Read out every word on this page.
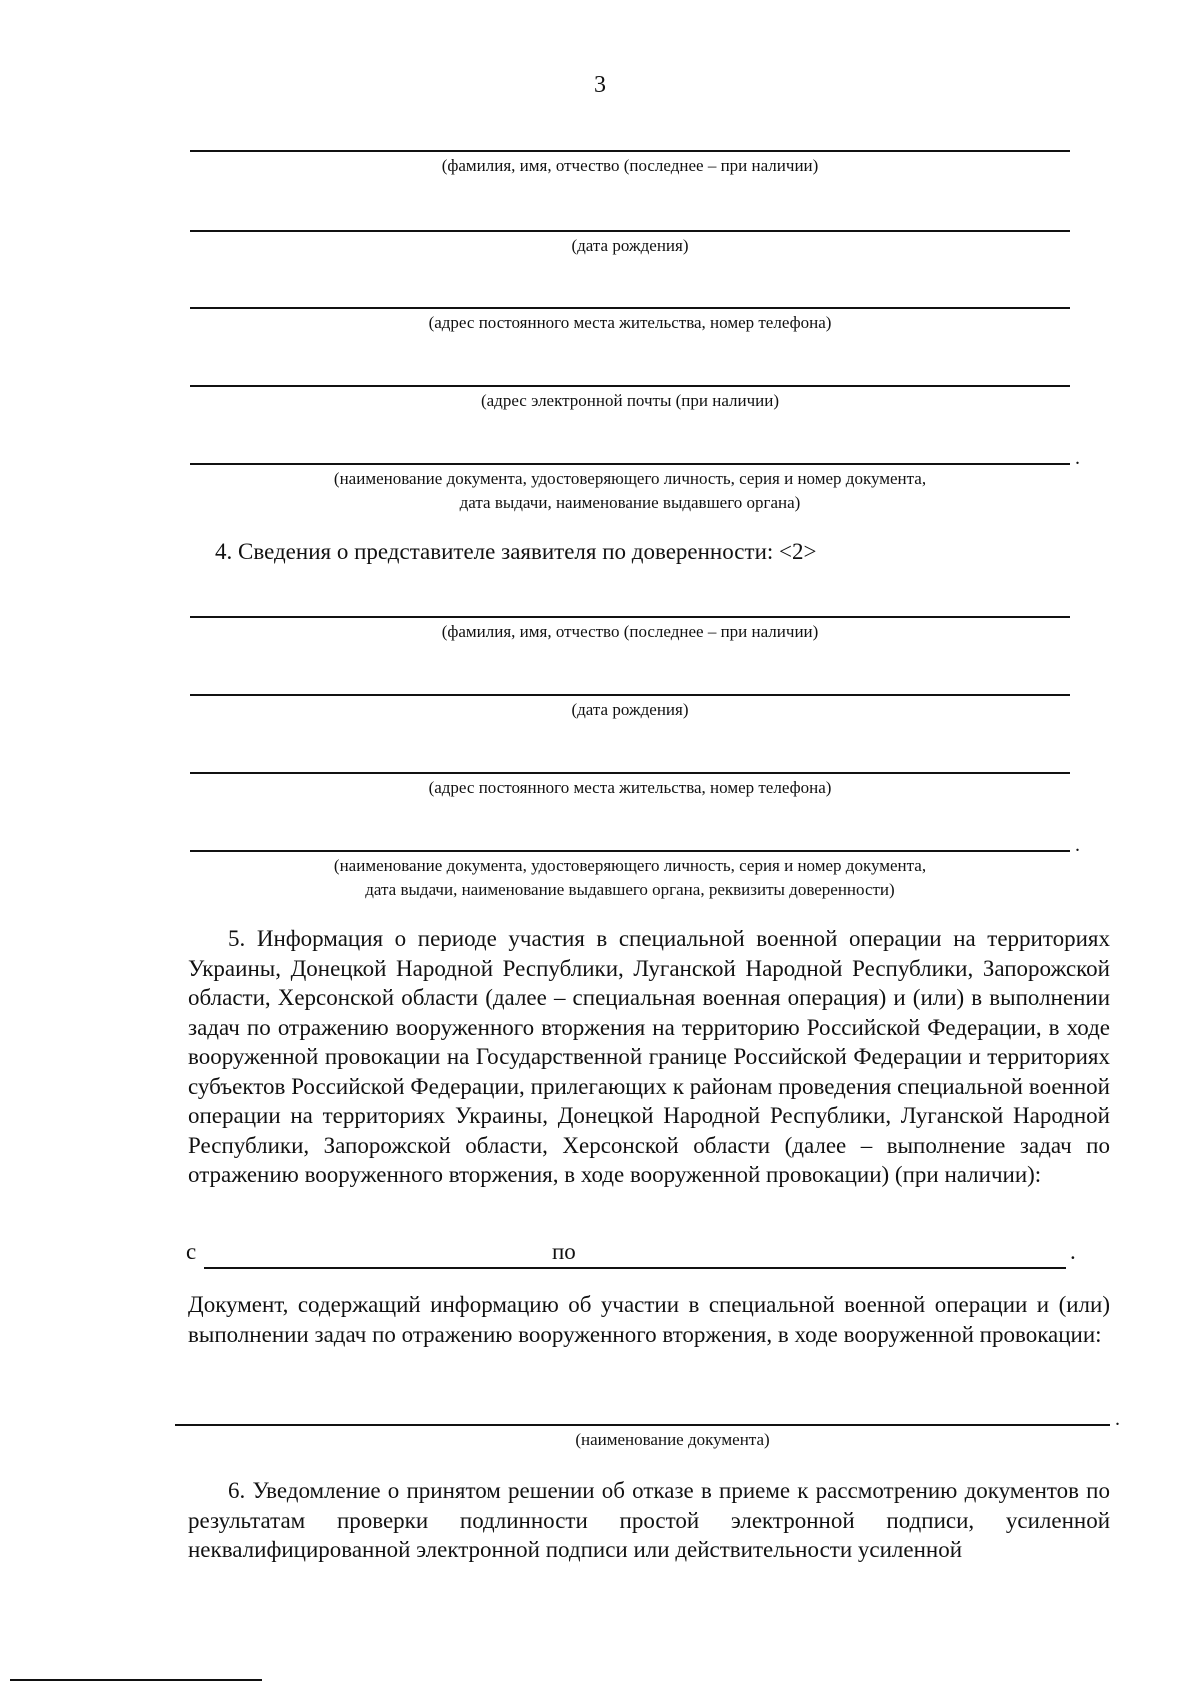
3
(фамилия, имя, отчество (последнее – при наличии)
(дата рождения)
(адрес постоянного места жительства, номер телефона)
(адрес электронной почты (при наличии)
.
(наименование документа, удостоверяющего личность, серия и номер документа,
дата выдачи, наименование выдавшего органа)
4. Сведения о представителе заявителя по доверенности: <2>
(фамилия, имя, отчество (последнее – при наличии)
(дата рождения)
(адрес постоянного места жительства, номер телефона)
.
(наименование документа, удостоверяющего личность, серия и номер документа,
дата выдачи, наименование выдавшего органа, реквизиты доверенности)
5. Информация о периоде участия в специальной военной операции на территориях Украины, Донецкой Народной Республики, Луганской Народной Республики, Запорожской области, Херсонской области (далее – специальная военная операция) и (или) в выполнении задач по отражению вооруженного вторжения на территорию Российской Федерации, в ходе вооруженной провокации на Государственной границе Российской Федерации и территориях субъектов Российской Федерации, прилегающих к районам проведения специальной военной операции на территориях Украины, Донецкой Народной Республики, Луганской Народной Республики, Запорожской области, Херсонской области (далее – выполнение задач по отражению вооруженного вторжения, в ходе вооруженной провокации) (при наличии):
с	по	.
Документ, содержащий информацию об участии в специальной военной операции и (или) выполнении задач по отражению вооруженного вторжения, в ходе вооруженной провокации:
.
(наименование документа)
6. Уведомление о принятом решении об отказе в приеме к рассмотрению документов по результатам проверки подлинности простой электронной подписи, усиленной неквалифицированной электронной подписи или действительности усиленной
